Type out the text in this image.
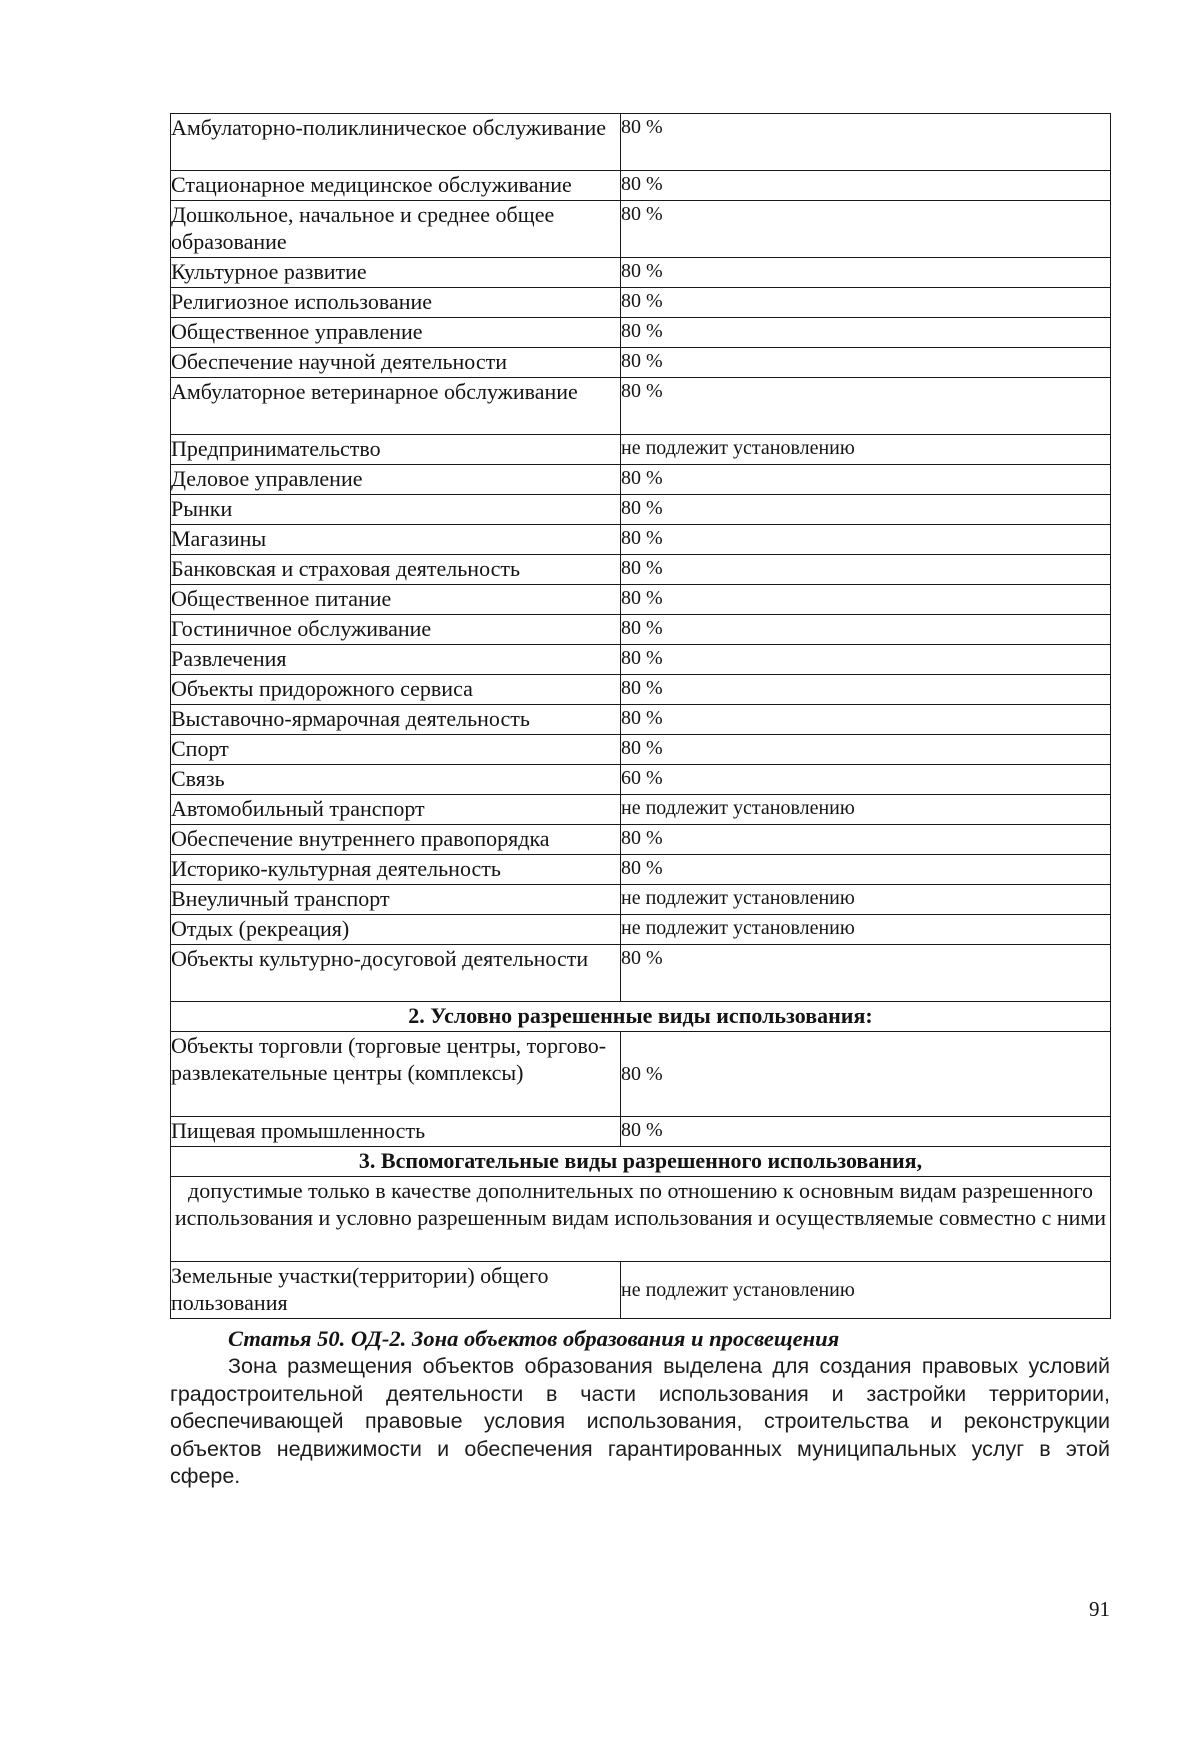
Амбулаторно-поликлиническое обслуживание	80 %
Стационарное медицинское обслуживание	80 %
Дошкольное, начальное и среднее общее образование	80 %
Культурное развитие	80 %
Религиозное использование	80 %
Общественное управление	80 %
Обеспечение научной деятельности	80 %
Амбулаторное ветеринарное обслуживание	80 %
Предпринимательство	не подлежит установлению
Деловое управление	80 %
Рынки	80 %
Магазины	80 %
Банковская и страховая деятельность	80 %
Общественное питание	80 %
Гостиничное обслуживание	80 %
Развлечения	80 %
Объекты придорожного сервиса	80 %
Выставочно-ярмарочная деятельность	80 %
Спорт	80 %
Связь	60 %
Автомобильный транспорт	не подлежит установлению
Обеспечение внутреннего правопорядка	80 %
Историко-культурная деятельность	80 %
Внеуличный транспорт	не подлежит установлению
Отдых (рекреация)	не подлежит установлению
Объекты культурно-досуговой деятельности	80 %
2. Условно разрешенные виды использования:	
Объекты торговли (торговые центры, торгово-развлекательные центры (комплексы)	80 %
Пищевая промышленность	80 %
3. Вспомогательные виды разрешенного использования,	
допустимые только в качестве дополнительных по отношению к основным видам разрешенного использования и условно разрешенным видам использования и осуществляемые совместно с ними	
Земельные участки(территории) общего пользования	не подлежит установлению
Статья 50. ОД-2. Зона объектов образования и просвещения
Зона размещения объектов образования выделена для создания правовых условий градостроительной деятельности в части использования и застройки территории, обеспечивающей правовые условия использования, строительства и реконструкции объектов недвижимости и обеспечения гарантированных муниципальных услуг в этой сфере.
91
